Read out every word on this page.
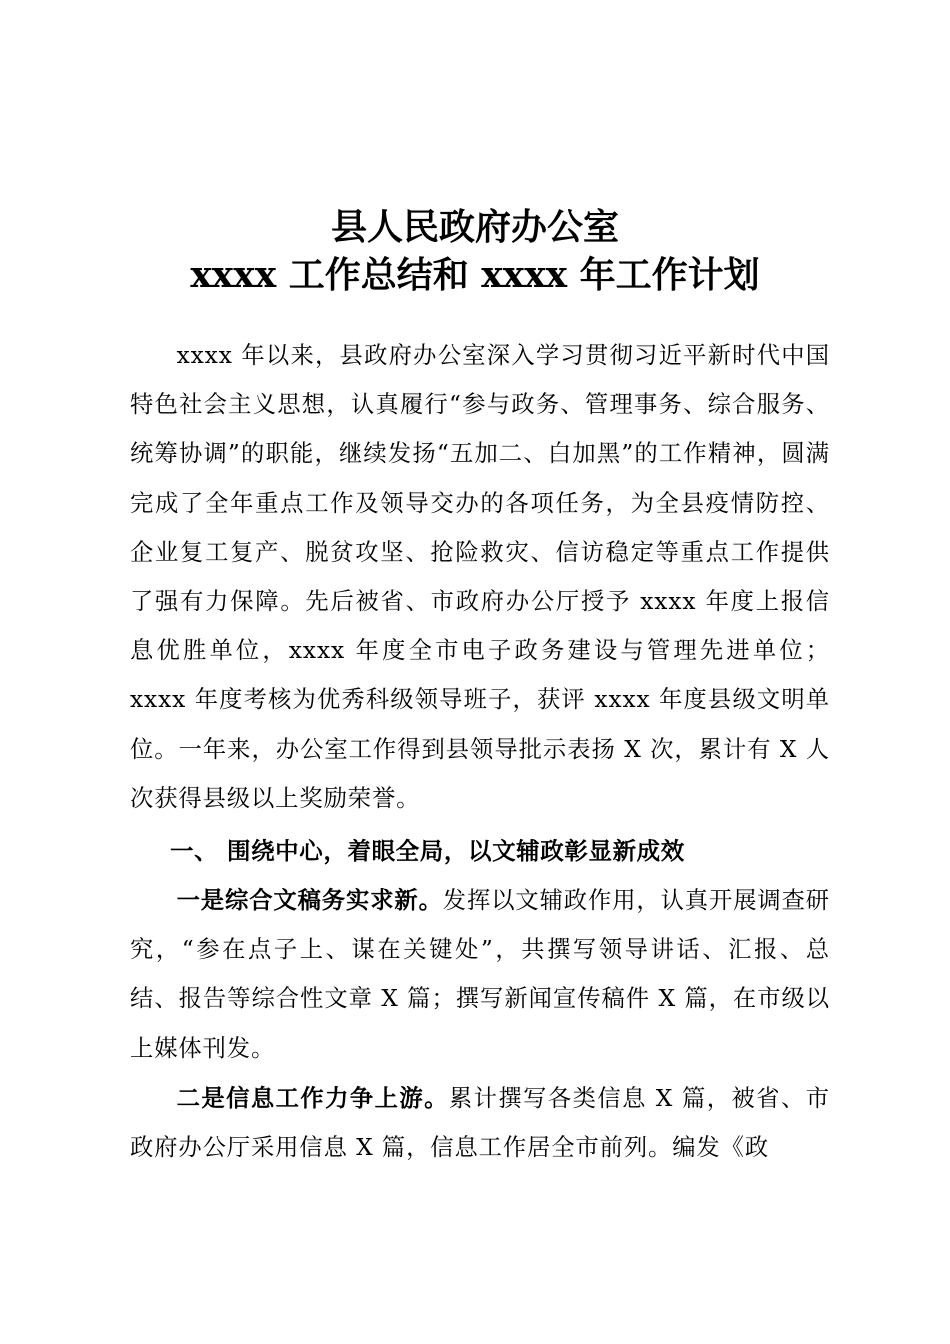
县人民政府办公室
xxxx 工作总结和 xxxx 年工作计划

xxxx 年以来，县政府办公室深入学习贯彻习近平新时代中国特色社会主义思想，认真履行“参与政务、管理事务、综合服务、统筹协调”的职能，继续发扬“五加二、白加黑”的工作精神，圆满完成了全年重点工作及领导交办的各项任务，为全县疫情防控、企业复工复产、脱贫攻坚、抢险救灾、信访稳定等重点工作提供了强有力保障。先后被省、市政府办公厅授予 xxxx 年度上报信息优胜单位，xxxx 年度全市电子政务建设与管理先进单位；xxxx 年度考核为优秀科级领导班子，获评 xxxx 年度县级文明单位。一年来，办公室工作得到县领导批示表扬 X 次，累计有 X 人次获得县级以上奖励荣誉。

一、 围绕中心，着眼全局，以文辅政彰显新成效

一是综合文稿务实求新。发挥以文辅政作用，认真开展调查研究，“参在点子上、谋在关键处”，共撰写领导讲话、汇报、总结、报告等综合性文章 X 篇；撰写新闻宣传稿件 X 篇，在市级以上媒体刊发。

二是信息工作力争上游。累计撰写各类信息 X 篇，被省、市政府办公厅采用信息 X 篇，信息工作居全市前列。编发《政
